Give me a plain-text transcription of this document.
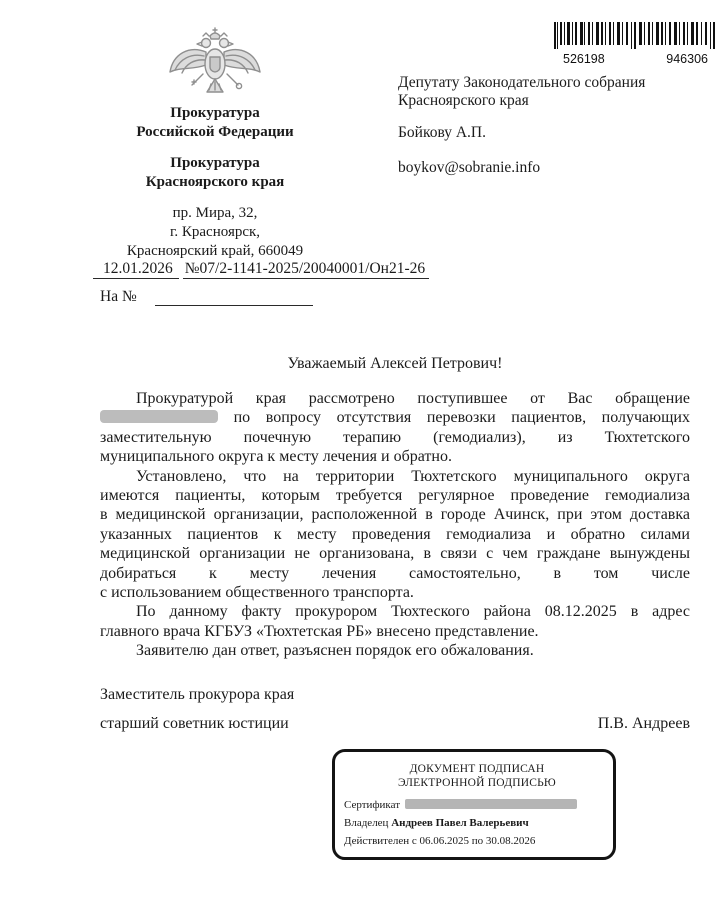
Прокуратура
Российской Федерации
Прокуратура
Красноярского края
пр. Мира, 32,
г. Красноярск,
Красноярский край, 660049
12.01.2026 №07/2-1141-2025/20040001/Он21-26
На №
526198	946306
Депутату Законодательного собрания
Красноярского края
Бойкову А.П.
boykov@sobranie.info
Уважаемый Алексей Петрович!
Прокуратурой края рассмотрено поступившее от Вас обращение
по вопросу отсутствия перевозки пациентов, получающих
заместительную почечную терапию (гемодиализ), из Тюхтетского
муниципального округа к месту лечения и обратно.
Установлено, что на территории Тюхтетского муниципального округа
имеются пациенты, которым требуется регулярное проведение гемодиализа
в медицинской организации, расположенной в городе Ачинск, при этом доставка
указанных пациентов к месту проведения гемодиализа и обратно силами
медицинской организации не организована, в связи с чем граждане вынуждены
добираться к месту лечения самостоятельно, в том числе
с использованием общественного транспорта.
По данному факту прокурором Тюхтеского района 08.12.2025 в адрес
главного врача КГБУЗ «Тюхтетская РБ» внесено представление.
Заявителю дан ответ, разъяснен порядок его обжалования.
Заместитель прокурора края
старший советник юстиции	П.В. Андреев
ДОКУМЕНТ ПОДПИСАН
ЭЛЕКТРОННОЙ ПОДПИСЬЮ
Сертификат
Владелец Андреев Павел Валерьевич
Действителен с 06.06.2025 по 30.08.2026
